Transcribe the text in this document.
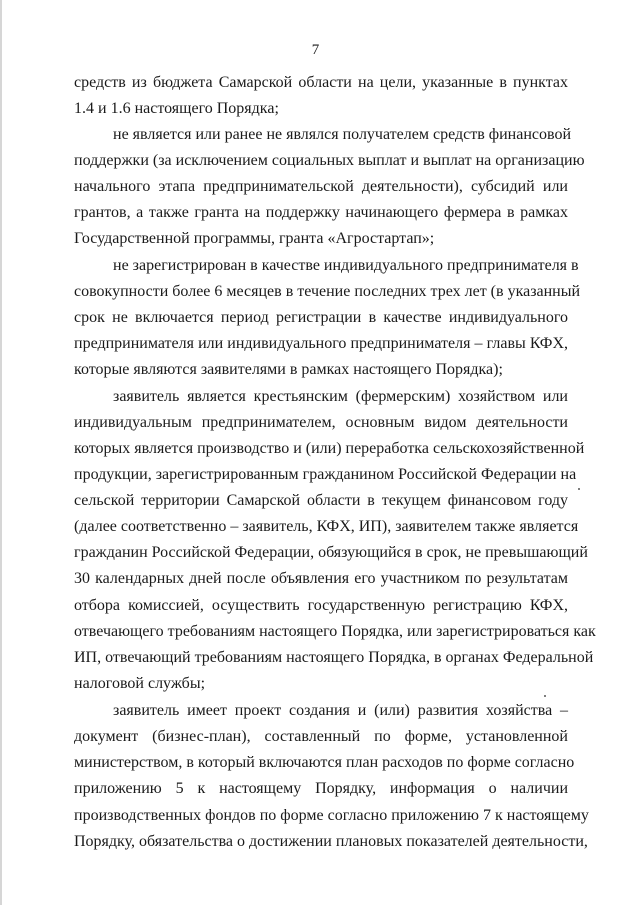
7
средств из бюджета Самарской области на цели, указанные в пунктах
1.4 и 1.6 настоящего Порядка;
не является или ранее не являлся получателем средств финансовой
поддержки (за исключением социальных выплат и выплат на организацию
начального этапа предпринимательской деятельности), субсидий или
грантов, а также гранта на поддержку начинающего фермера в рамках
Государственной программы, гранта «Агростартап»;
не зарегистрирован в качестве индивидуального предпринимателя в
совокупности более 6 месяцев в течение последних трех лет (в указанный
срок не включается период регистрации в качестве индивидуального
предпринимателя или индивидуального предпринимателя – главы КФХ,
которые являются заявителями в рамках настоящего Порядка);
заявитель является крестьянским (фермерским) хозяйством или
индивидуальным предпринимателем, основным видом деятельности
которых является производство и (или) переработка сельскохозяйственной
продукции, зарегистрированным гражданином Российской Федерации на
сельской территории Самарской области в текущем финансовом году
(далее соответственно – заявитель, КФХ, ИП), заявителем также является
гражданин Российской Федерации, обязующийся в срок, не превышающий
30 календарных дней после объявления его участником по результатам
отбора комиссией, осуществить государственную регистрацию КФХ,
отвечающего требованиям настоящего Порядка, или зарегистрироваться как
ИП, отвечающий требованиям настоящего Порядка, в органах Федеральной
налоговой службы;
заявитель имеет проект создания и (или) развития хозяйства –
документ (бизнес-план), составленный по форме, установленной
министерством, в который включаются план расходов по форме согласно
приложению 5 к настоящему Порядку, информация о наличии
производственных фондов по форме согласно приложению 7 к настоящему
Порядку, обязательства о достижении плановых показателей деятельности,
